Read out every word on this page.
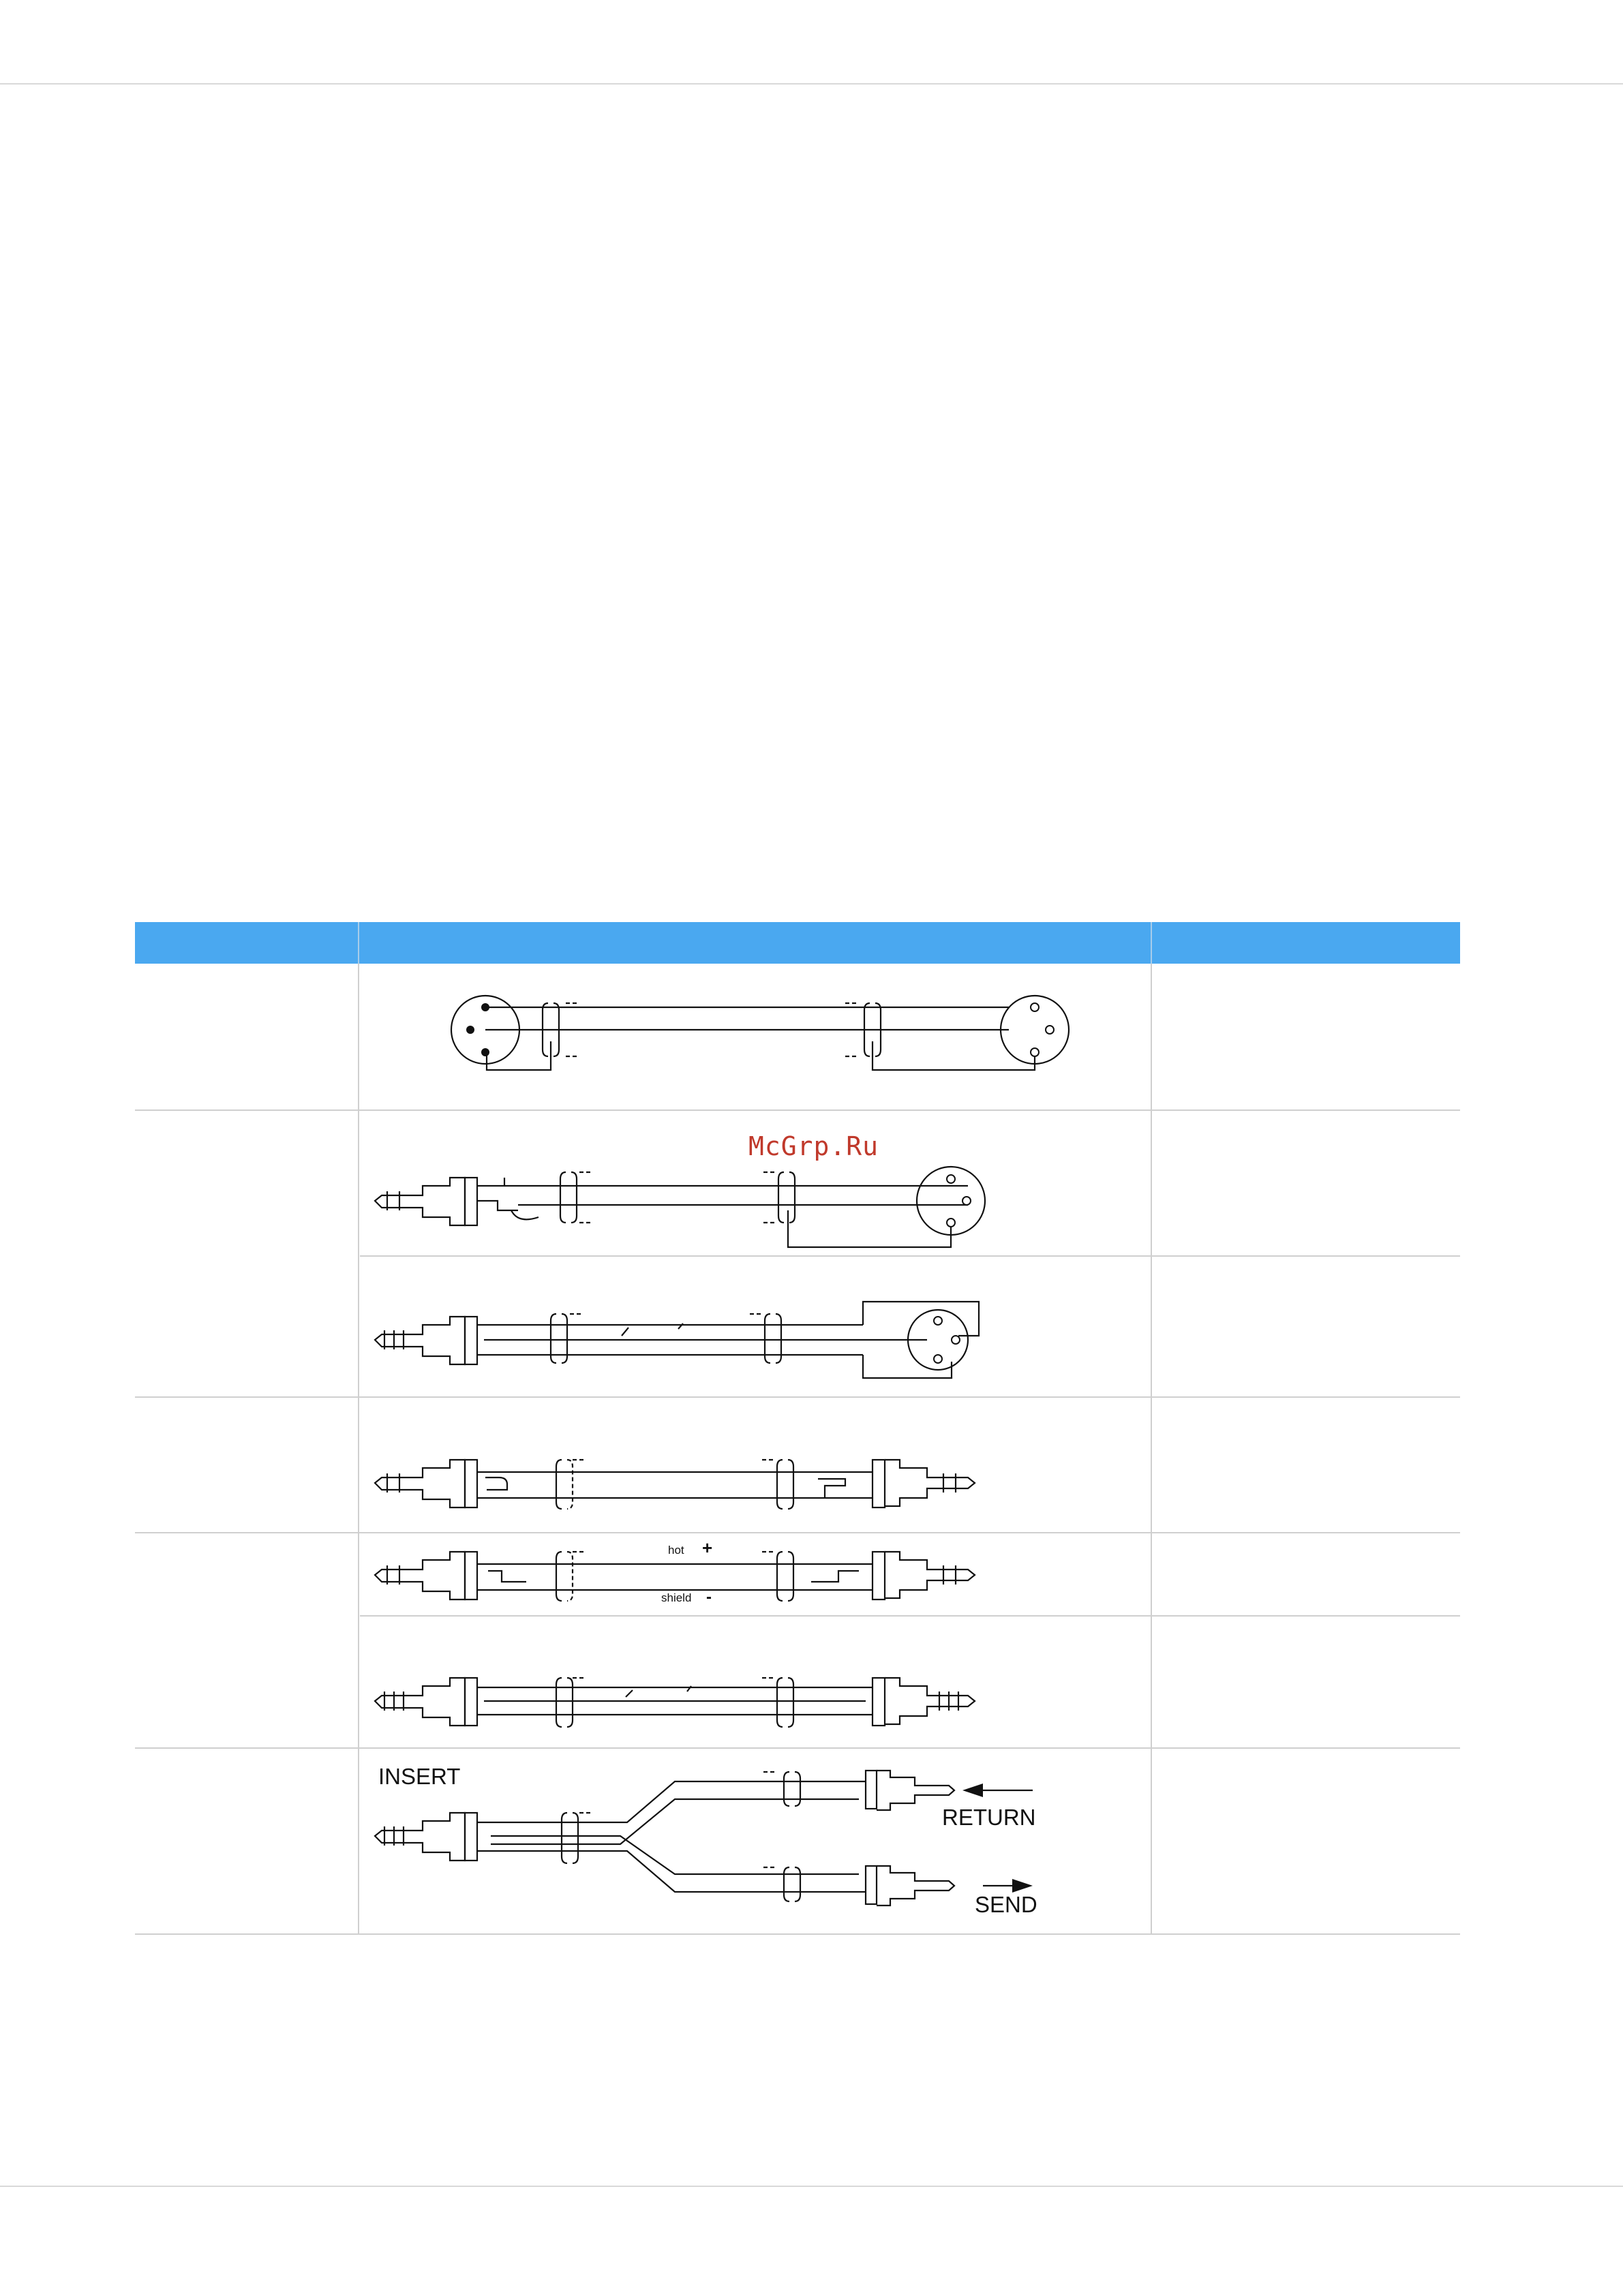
McGrp.Ru
hot +
shield -
INSERT
RETURN
SEND
